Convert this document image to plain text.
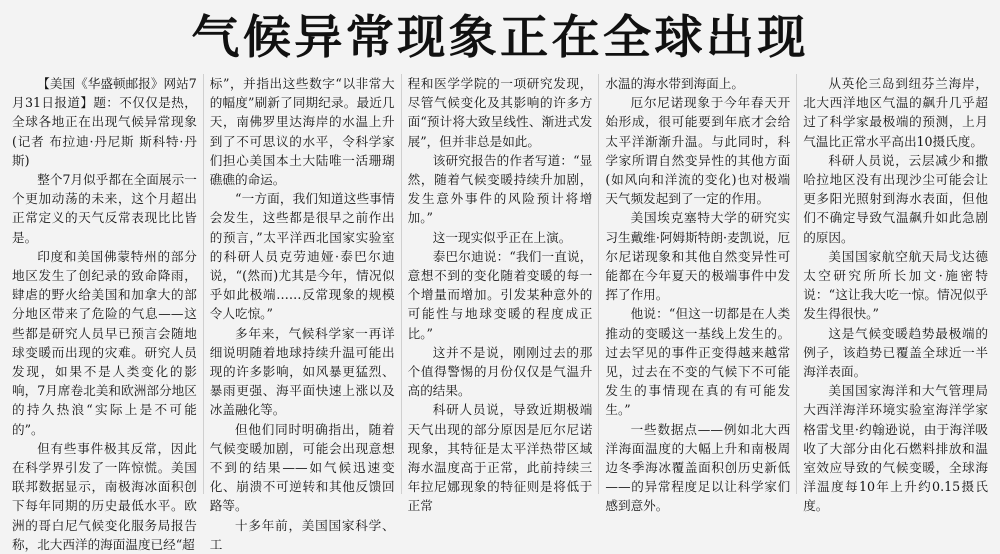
气候异常现象正在全球出现

【美国《华盛顿邮报》网站7月31日报道】题：不仅仅是热，全球各地正在出现气候异常现象(记者 布拉迪·丹尼斯 斯科特·丹斯)

整个7月似乎都在全面展示一个更加动荡的未来，这个月超出正常定义的天气反常表现比比皆是。

印度和美国佛蒙特州的部分地区发生了创纪录的致命降雨，肆虐的野火给美国和加拿大的部分地区带来了危险的气息——这些都是研究人员早已预言会随地球变暖而出现的灾难。研究人员发现，如果不是人类变化的影响，7月席卷北美和欧洲部分地区的持久热浪“实际上是不可能的”。

但有些事件极其反常，因此在科学界引发了一阵惊慌。美国联邦数据显示，南极海冰面积创下每年同期的历史最低水平。欧洲的哥白尼气候变化服务局报告称，北大西洋的海面温度已经“超

标”，并指出这些数字“以非常大的幅度”刷新了同期纪录。最近几天，南佛罗里达海岸的水温上升到了不可思议的水平，令科学家们担心美国本土大陆唯一活珊瑚礁礁的命运。

“一方面，我们知道这些事情会发生，这些都是很早之前作出的预言，”太平洋西北国家实验室的科研人员克劳迪娅·泰巴尔迪说，“(然而)尤其是今年，情况似乎如此极端……反常现象的规模令人吃惊。”

多年来，气候科学家一再详细说明随着地球持续升温可能出现的许多影响，如风暴更猛烈、暴雨更强、海平面快速上涨以及冰盖融化等。

但他们同时明确指出，随着气候变暖加剧，可能会出现意想不到的结果——如气候迅速变化、崩溃不可逆转和其他反馈回路等。

十多年前，美国国家科学、工

程和医学学院的一项研究发现，尽管气候变化及其影响的许多方面“预计将大致呈线性、渐进式发展”，但并非总是如此。

该研究报告的作者写道：“显然，随着气候变暖持续升加剧，发生意外事件的风险预计将增加。”

这一现实似乎正在上演。

泰巴尔迪说：“我们一直说，意想不到的变化随着变暖的每一个增量而增加。引发某种意外的可能性与地球变暖的程度成正比。”

这并不是说，刚刚过去的那个值得警惕的月份仅仅是气温升高的结果。

科研人员说，导致近期极端天气出现的部分原因是厄尔尼诺现象，其特征是太平洋热带区域海水温度高于正常，此前持续三年拉尼娜现象的特征则是将低于正常

水温的海水带到海面上。

厄尔尼诺现象于今年春天开始形成，很可能要到年底才会给太平洋渐渐升温。与此同时，科学家所谓自然变异性的其他方面(如风向和洋流的变化)也对极端天气频发起到了一定的作用。

美国埃克塞特大学的研究实习生戴维·阿姆斯特朗·麦凯说，厄尔尼诺现象和其他自然变异性可能都在今年夏天的极端事件中发挥了作用。

他说：“但这一切都是在人类推动的变暖这一基线上发生的。过去罕见的事件正变得越来越常见，过去在不变的气候下不可能发生的事情现在真的有可能发生。”

一些数据点——例如北大西洋海面温度的大幅上升和南极周边冬季海冰覆盖面积创历史新低——的异常程度足以让科学家们感到意外。

从英伦三岛到纽芬兰海岸，北大西洋地区气温的飙升几乎超过了科学家最极端的预测，上月气温比正常水平高出10摄氏度。

科研人员说，云层减少和撒哈拉地区没有出现沙尘可能会让更多阳光照射到海水表面，但他们不确定导致气温飙升如此急剧的原因。

美国国家航空航天局戈达德太空研究所所长加文·施密特说：“这让我大吃一惊。情况似乎发生得很快。”

这是气候变暖趋势最极端的例子，该趋势已覆盖全球近一半海洋表面。

美国国家海洋和大气管理局大西洋海洋环境实验室海洋学家格雷戈里·约翰逊说，由于海洋吸收了大部分由化石燃料排放和温室效应导致的气候变暖，全球海洋温度每10年上升约0.15摄氏度。
